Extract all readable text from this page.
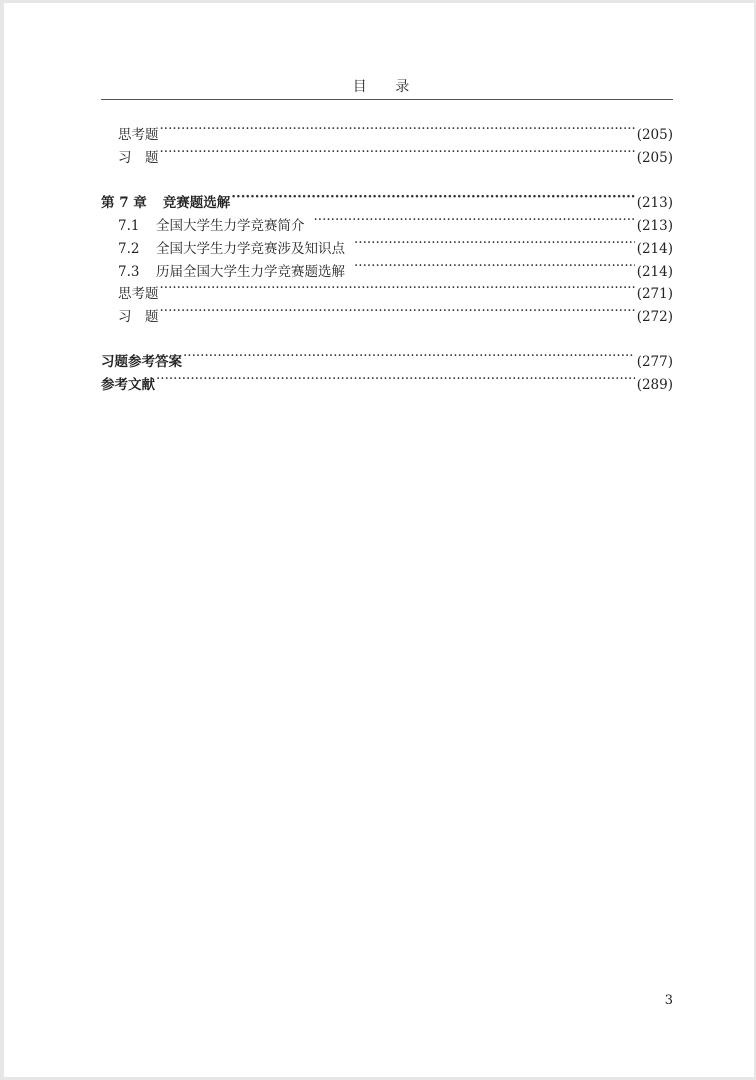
目 录
思考题 ·····	(205)
习　题 ·····	(205)
第 7 章 竞赛题选解 ·····	(213)
7.1 全国大学生力学竞赛简介 ·····	(213)
7.2 全国大学生力学竞赛涉及知识点 ·····	(214)
7.3 历届全国大学生力学竞赛题选解 ·····	(214)
思考题 ·····	(271)
习　题 ·····	(272)
习题参考答案 ·····	(277)
参考文献 ·····	(289)
3
